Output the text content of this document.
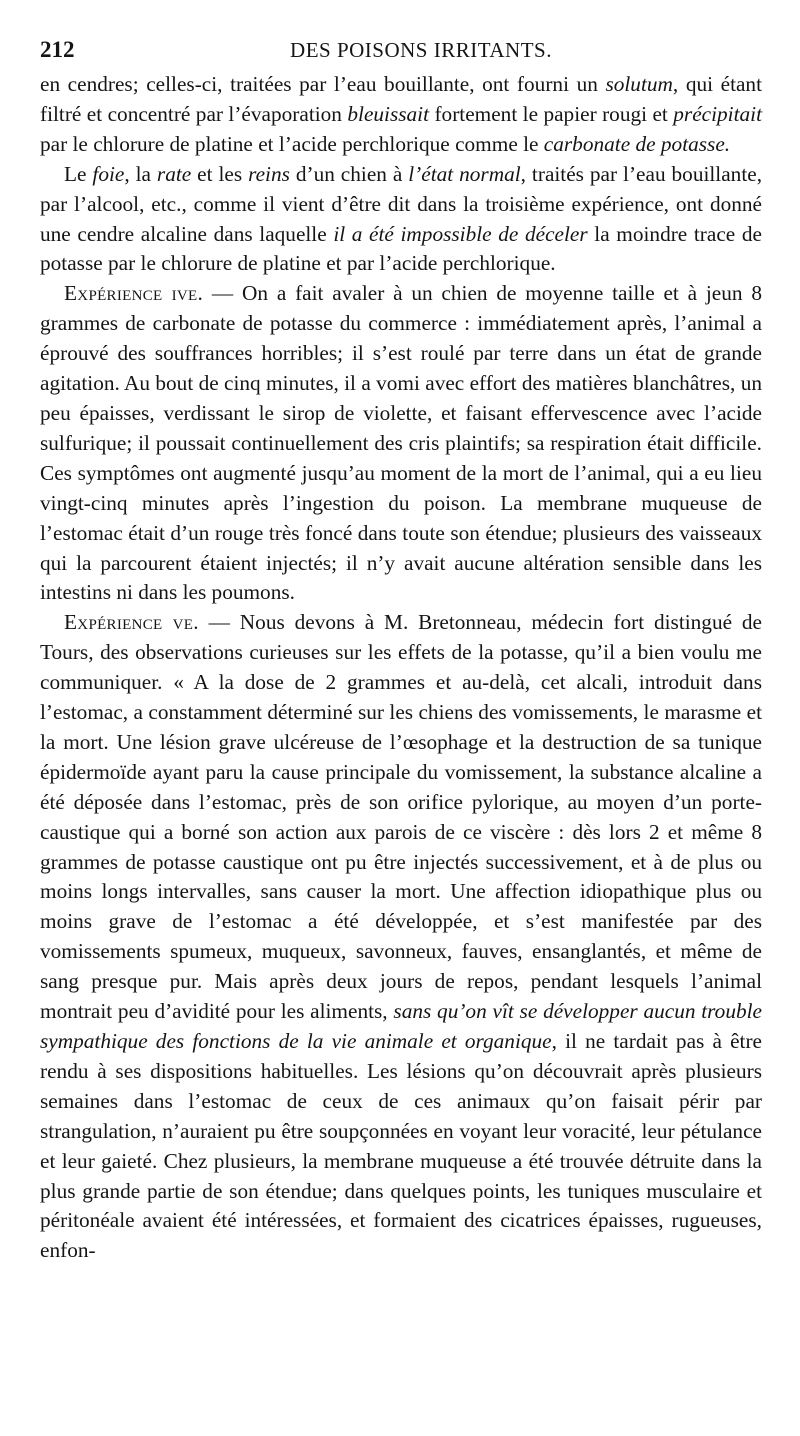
212	DES POISONS IRRITANTS.

en cendres; celles-ci, traitées par l’eau bouillante, ont fourni un solutum, qui étant filtré et concentré par l’évaporation bleuissait fortement le papier rougi et précipitait par le chlorure de platine et l’acide perchlorique comme le carbonate de potasse.

Le foie, la rate et les reins d’un chien à l’état normal, traités par l’eau bouillante, par l’alcool, etc., comme il vient d’être dit dans la troisième expérience, ont donné une cendre alcaline dans laquelle il a été impossible de déceler la moindre trace de potasse par le chlorure de platine et par l’acide perchlorique.

Expérience ive. — On a fait avaler à un chien de moyenne taille et à jeun 8 grammes de carbonate de potasse du commerce : immédiatement après, l’animal a éprouvé des souffrances horribles; il s’est roulé par terre dans un état de grande agitation. Au bout de cinq minutes, il a vomi avec effort des matières blanchâtres, un peu épaisses, verdissant le sirop de violette, et faisant effervescence avec l’acide sulfurique; il poussait continuellement des cris plaintifs; sa respiration était difficile. Ces symptômes ont augmenté jusqu’au moment de la mort de l’animal, qui a eu lieu vingt-cinq minutes après l’ingestion du poison. La membrane muqueuse de l’estomac était d’un rouge très foncé dans toute son étendue; plusieurs des vaisseaux qui la parcourent étaient injectés; il n’y avait aucune altération sensible dans les intestins ni dans les poumons.

Expérience ve. — Nous devons à M. Bretonneau, médecin fort distingué de Tours, des observations curieuses sur les effets de la potasse, qu’il a bien voulu me communiquer. « A la dose de 2 grammes et au-delà, cet alcali, introduit dans l’estomac, a constamment déterminé sur les chiens des vomissements, le marasme et la mort. Une lésion grave ulcéreuse de l’œsophage et la destruction de sa tunique épidermoïde ayant paru la cause principale du vomissement, la substance alcaline a été déposée dans l’estomac, près de son orifice pylorique, au moyen d’un porte-caustique qui a borné son action aux parois de ce viscère : dès lors 2 et même 8 grammes de potasse caustique ont pu être injectés successivement, et à de plus ou moins longs intervalles, sans causer la mort. Une affection idiopathique plus ou moins grave de l’estomac a été développée, et s’est manifestée par des vomissements spumeux, muqueux, savonneux, fauves, ensanglantés, et même de sang presque pur. Mais après deux jours de repos, pendant lesquels l’animal montrait peu d’avidité pour les aliments, sans qu’on vît se développer aucun trouble sympathique des fonctions de la vie animale et organique, il ne tardait pas à être rendu à ses dispositions habituelles. Les lésions qu’on découvrait après plusieurs semaines dans l’estomac de ceux de ces animaux qu’on faisait périr par strangulation, n’auraient pu être soupçonnées en voyant leur voracité, leur pétulance et leur gaieté. Chez plusieurs, la membrane muqueuse a été trouvée détruite dans la plus grande partie de son étendue; dans quelques points, les tuniques musculaire et péritonéale avaient été intéressées, et formaient des cicatrices épaisses, rugueuses, enfon-
